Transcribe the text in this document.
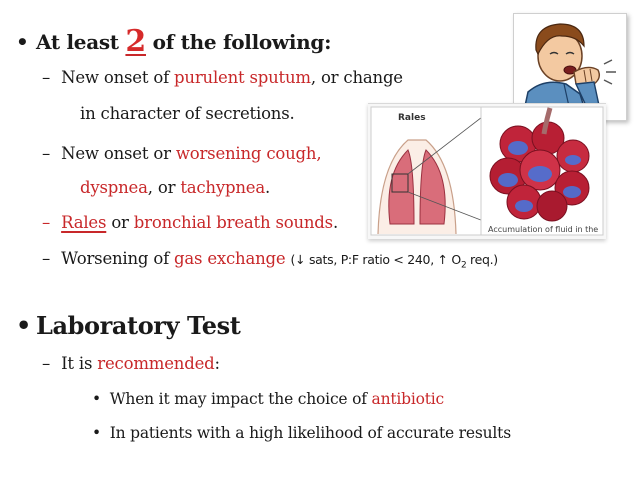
• At least 2 of the following:
– New onset of purulent sputum, or change
in character of secretions.
– New onset or worsening cough,
dyspnea, or tachypnea.
– Rales or bronchial breath sounds.
– Worsening of gas exchange (↓ sats, P:F ratio < 240, ↑ $O_2$ req.)
• Laboratory Test
– It is recommended:
• When it may impact the choice of antibiotic
• In patients with a high likelihood of accurate results
Rales
Accumulation of fluid in the
